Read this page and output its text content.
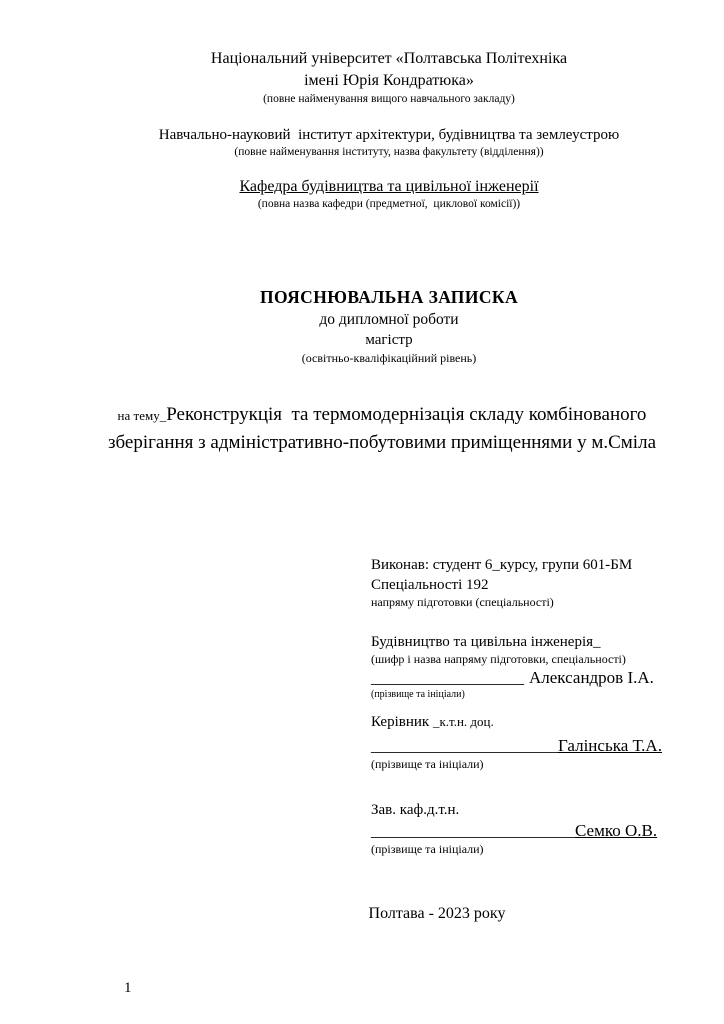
Національний університет «Полтавська Політехніка
імені Юрія Кондратюка»
(повне найменування вищого навчального закладу)
Навчально-науковий  інститут архітектури, будівництва та землеустрою
(повне найменування інституту, назва факультету (відділення))
Кафедра будівництва та цивільної інженерії
(повна назва кафедри (предметної,  циклової комісії))
ПОЯСНЮВАЛЬНА ЗАПИСКА
до дипломної роботи
магістр
(освітньо-кваліфікаційний рівень)

на тему_Реконструкція  та термомодернізація складу комбінованого зберігання з адміністративно-побутовими приміщеннями у м.Сміла

Виконав: студент 6_курсу, групи 601-БМ
Спеціальності 192
напряму підготовки (спеціальності)
Будівництво та цивільна інженерія_
(шифр і назва напряму підготовки, спеціальності)
__________________ Александров І.А.
(прізвище та ініціали)
Керівник _к.т.н. доц.
______________________Галінська Т.А.
(прізвище та ініціали)
Зав. каф.д.т.н.
________________________Семко О.В.
(прізвище та ініціали)
Полтава - 2023 року
1
